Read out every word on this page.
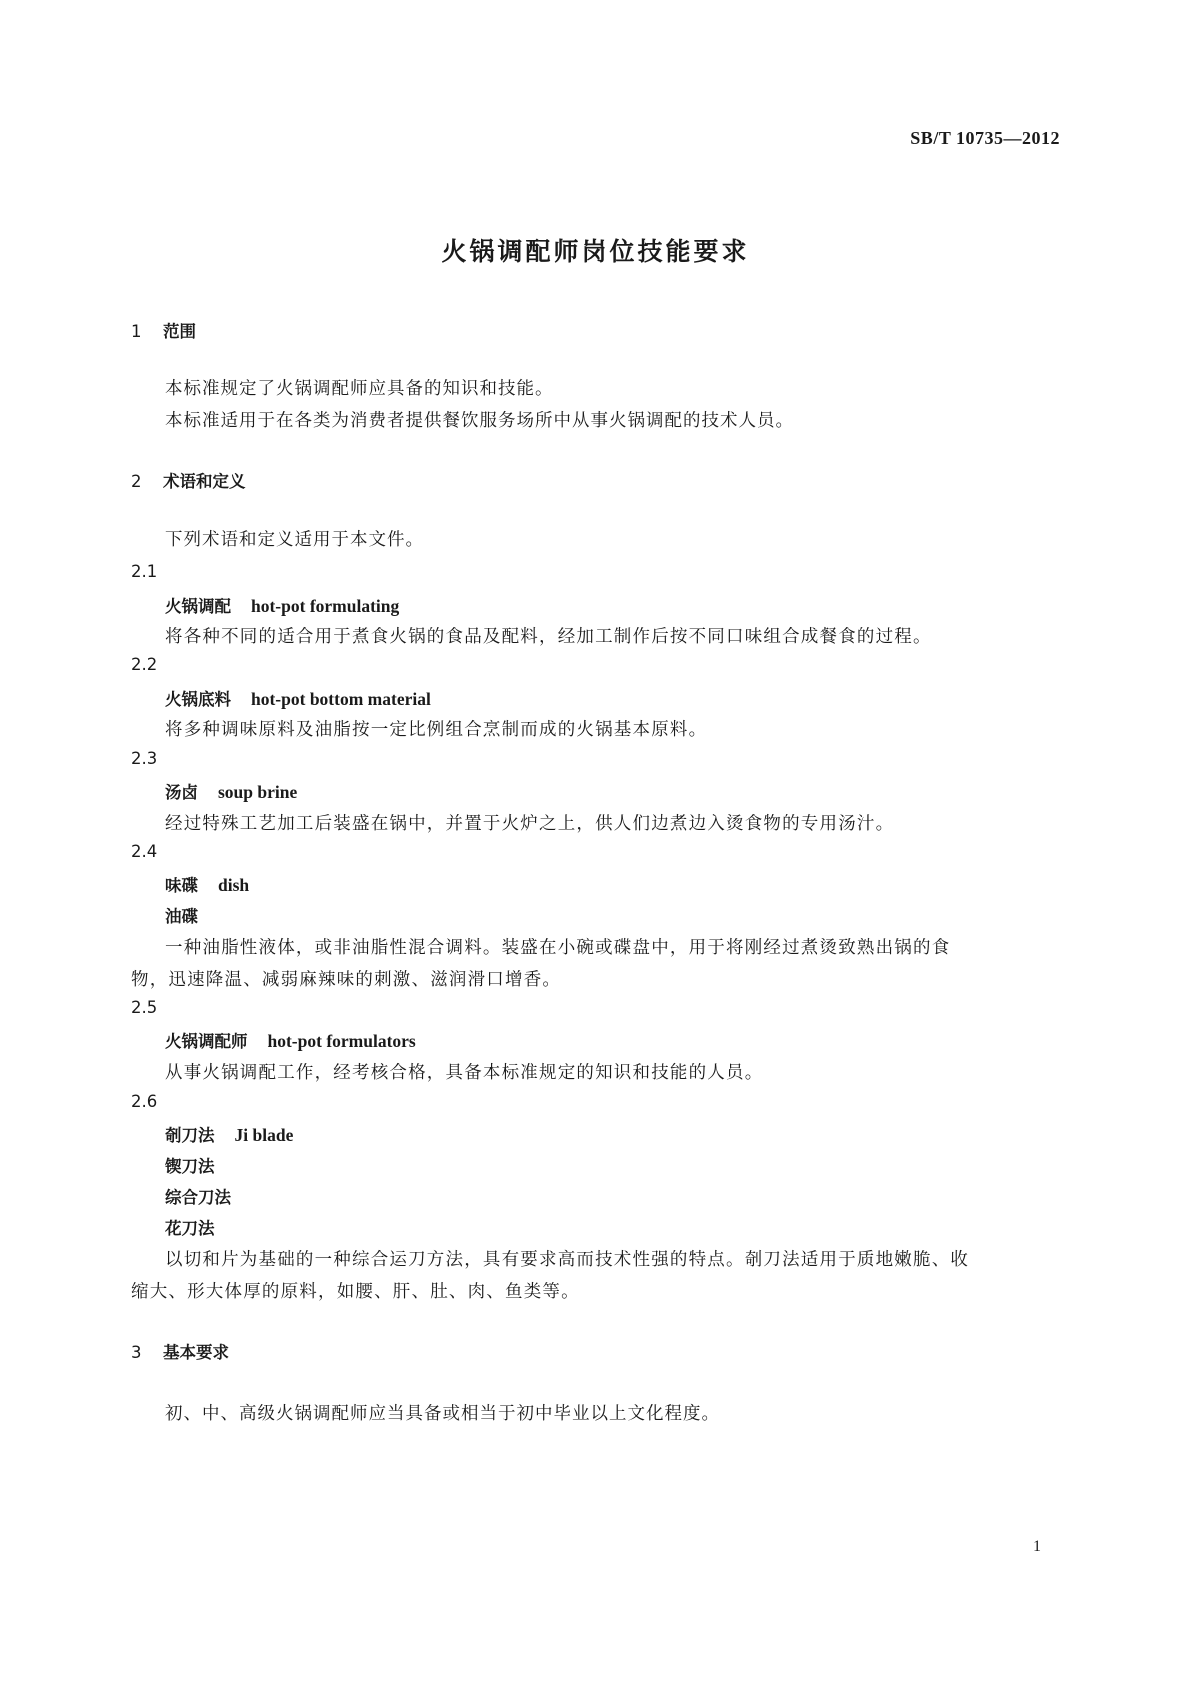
SB/T 10735—2012
火锅调配师岗位技能要求
1 范围
本标准规定了火锅调配师应具备的知识和技能。
本标准适用于在各类为消费者提供餐饮服务场所中从事火锅调配的技术人员。
2 术语和定义
下列术语和定义适用于本文件。
2.1
火锅调配 hot-pot formulating
将各种不同的适合用于煮食火锅的食品及配料，经加工制作后按不同口味组合成餐食的过程。
2.2
火锅底料 hot-pot bottom material
将多种调味原料及油脂按一定比例组合烹制而成的火锅基本原料。
2.3
汤卤 soup brine
经过特殊工艺加工后装盛在锅中，并置于火炉之上，供人们边煮边入烫食物的专用汤汁。
2.4
味碟 dish
油碟
一种油脂性液体，或非油脂性混合调料。装盛在小碗或碟盘中，用于将刚经过煮烫致熟出锅的食
物，迅速降温、减弱麻辣味的刺激、滋润滑口增香。
2.5
火锅调配师 hot-pot formulators
从事火锅调配工作，经考核合格，具备本标准规定的知识和技能的人员。
2.6
剞刀法 Ji blade
锲刀法
综合刀法
花刀法
以切和片为基础的一种综合运刀方法，具有要求高而技术性强的特点。剞刀法适用于质地嫩脆、收
缩大、形大体厚的原料，如腰、肝、肚、肉、鱼类等。
3 基本要求
初、中、高级火锅调配师应当具备或相当于初中毕业以上文化程度。
1
